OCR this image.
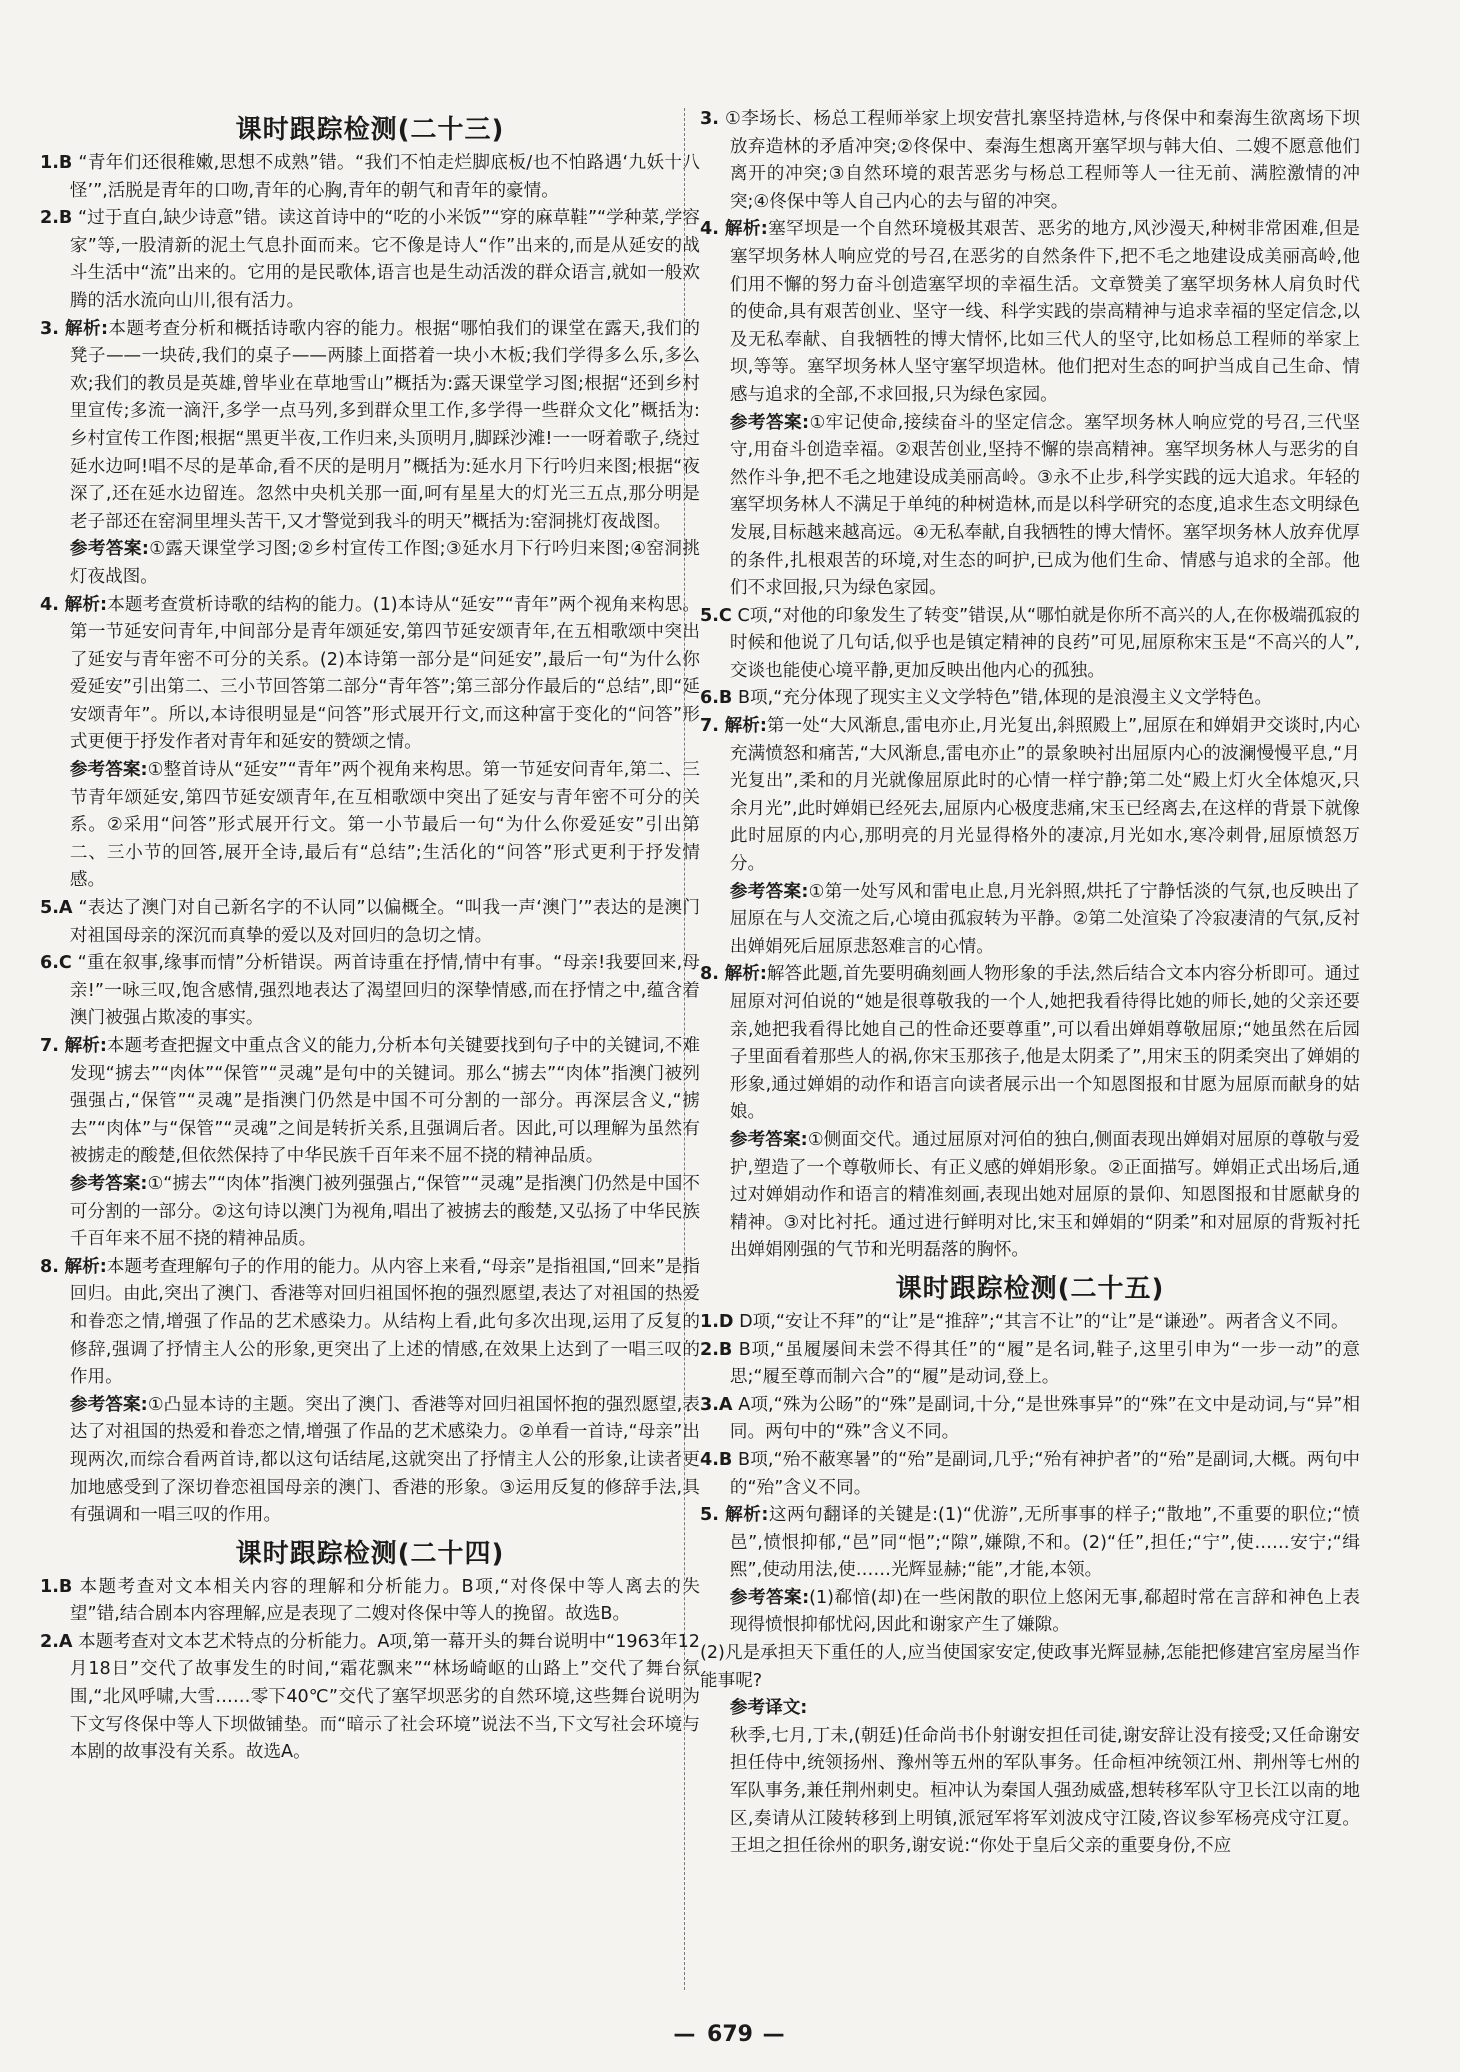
课时跟踪检测(二十三)
1.B “青年们还很稚嫩,思想不成熟”错。“我们不怕走烂脚底板/也不怕路遇‘九妖十八怪’”,活脱是青年的口吻,青年的心胸,青年的朝气和青年的豪情。
2.B “过于直白,缺少诗意”错。读这首诗中的“吃的小米饭”“穿的麻草鞋”“学种菜,学容家”等,一股清新的泥土气息扑面而来。它不像是诗人“作”出来的,而是从延安的战斗生活中“流”出来的。它用的是民歌体,语言也是生动活泼的群众语言,就如一般欢腾的活水流向山川,很有活力。
3. 解析:本题考查分析和概括诗歌内容的能力。根据“哪怕我们的课堂在露天,我们的凳子——一块砖,我们的桌子——两膝上面搭着一块小木板;我们学得多么乐,多么欢;我们的教员是英雄,曾毕业在草地雪山”概括为:露天课堂学习图;根据“还到乡村里宣传;多流一滴汗,多学一点马列,多到群众里工作,多学得一些群众文化”概括为:乡村宣传工作图;根据“黑更半夜,工作归来,头顶明月,脚踩沙滩!一一呀着歌子,绕过延水边呵!唱不尽的是革命,看不厌的是明月”概括为:延水月下行吟归来图;根据“夜深了,还在延水边留连。忽然中央机关那一面,呵有星星大的灯光三五点,那分明是老子部还在窑洞里埋头苦干,又才警觉到我斗的明天”概括为:窑洞挑灯夜战图。
参考答案:①露天课堂学习图;②乡村宣传工作图;③延水月下行吟归来图;④窑洞挑灯夜战图。
4. 解析:本题考查赏析诗歌的结构的能力。(1)本诗从“延安”“青年”两个视角来构思。第一节延安问青年,中间部分是青年颂延安,第四节延安颂青年,在五相歌颂中突出了延安与青年密不可分的关系。(2)本诗第一部分是“问延安”,最后一句“为什么你爱延安”引出第二、三小节回答第二部分“青年答”;第三部分作最后的“总结”,即“延安颂青年”。所以,本诗很明显是“问答”形式展开行文,而这种富于变化的“问答”形式更便于抒发作者对青年和延安的赞颂之情。
参考答案:①整首诗从“延安”“青年”两个视角来构思。第一节延安问青年,第二、三节青年颂延安,第四节延安颂青年,在互相歌颂中突出了延安与青年密不可分的关系。②采用“问答”形式展开行文。第一小节最后一句“为什么你爱延安”引出第二、三小节的回答,展开全诗,最后有“总结”;生活化的“问答”形式更利于抒发情感。
5.A “表达了澳门对自己新名字的不认同”以偏概全。“叫我一声‘澳门’”表达的是澳门对祖国母亲的深沉而真挚的爱以及对回归的急切之情。
6.C “重在叙事,缘事而情”分析错误。两首诗重在抒情,情中有事。“母亲!我要回来,母亲!”一咏三叹,饱含感情,强烈地表达了渴望回归的深挚情感,而在抒情之中,蕴含着澳门被强占欺凌的事实。
7. 解析:本题考查把握文中重点含义的能力,分析本句关键要找到句子中的关键词,不难发现“掳去”“肉体”“保管”“灵魂”是句中的关键词。那么“掳去”“肉体”指澳门被列强强占,“保管”“灵魂”是指澳门仍然是中国不可分割的一部分。再深层含义,“掳去”“肉体”与“保管”“灵魂”之间是转折关系,且强调后者。因此,可以理解为虽然有被掳走的酸楚,但依然保持了中华民族千百年来不屈不挠的精神品质。
参考答案:①“掳去”“肉体”指澳门被列强强占,“保管”“灵魂”是指澳门仍然是中国不可分割的一部分。②这句诗以澳门为视角,唱出了被掳去的酸楚,又弘扬了中华民族千百年来不屈不挠的精神品质。
8. 解析:本题考查理解句子的作用的能力。从内容上来看,“母亲”是指祖国,“回来”是指回归。由此,突出了澳门、香港等对回归祖国怀抱的强烈愿望,表达了对祖国的热爱和眷恋之情,增强了作品的艺术感染力。从结构上看,此句多次出现,运用了反复的修辞,强调了抒情主人公的形象,更突出了上述的情感,在效果上达到了一唱三叹的作用。
参考答案:①凸显本诗的主题。突出了澳门、香港等对回归祖国怀抱的强烈愿望,表达了对祖国的热爱和眷恋之情,增强了作品的艺术感染力。②单看一首诗,“母亲”出现两次,而综合看两首诗,都以这句话结尾,这就突出了抒情主人公的形象,让读者更加地感受到了深切眷恋祖国母亲的澳门、香港的形象。③运用反复的修辞手法,具有强调和一唱三叹的作用。
课时跟踪检测(二十四)
1.B 本题考查对文本相关内容的理解和分析能力。B项,“对佟保中等人离去的失望”错,结合剧本内容理解,应是表现了二嫂对佟保中等人的挽留。故选B。
2.A 本题考查对文本艺术特点的分析能力。A项,第一幕开头的舞台说明中“1963年12月18日”交代了故事发生的时间,“霜花飘来”“林场崎岖的山路上”交代了舞台氛围,“北风呼啸,大雪……零下40℃”交代了塞罕坝恶劣的自然环境,这些舞台说明为下文写佟保中等人下坝做铺垫。而“暗示了社会环境”说法不当,下文写社会环境与本剧的故事没有关系。故选A。
3. ①李场长、杨总工程师举家上坝安营扎寨坚持造林,与佟保中和秦海生欲离场下坝放弃造林的矛盾冲突;②佟保中、秦海生想离开塞罕坝与韩大伯、二嫂不愿意他们离开的冲突;③自然环境的艰苦恶劣与杨总工程师等人一往无前、满腔激情的冲突;④佟保中等人自己内心的去与留的冲突。
4. 解析:塞罕坝是一个自然环境极其艰苦、恶劣的地方,风沙漫天,种树非常困难,但是塞罕坝务林人响应党的号召,在恶劣的自然条件下,把不毛之地建设成美丽高岭,他们用不懈的努力奋斗创造塞罕坝的幸福生活。文章赞美了塞罕坝务林人肩负时代的使命,具有艰苦创业、坚守一线、科学实践的崇高精神与追求幸福的坚定信念,以及无私奉献、自我牺牲的博大情怀,比如三代人的坚守,比如杨总工程师的举家上坝,等等。塞罕坝务林人坚守塞罕坝造林。他们把对生态的呵护当成自己生命、情感与追求的全部,不求回报,只为绿色家园。
参考答案:①牢记使命,接续奋斗的坚定信念。塞罕坝务林人响应党的号召,三代坚守,用奋斗创造幸福。②艰苦创业,坚持不懈的崇高精神。塞罕坝务林人与恶劣的自然作斗争,把不毛之地建设成美丽高岭。③永不止步,科学实践的远大追求。年轻的塞罕坝务林人不满足于单纯的种树造林,而是以科学研究的态度,追求生态文明绿色发展,目标越来越高远。④无私奉献,自我牺牲的博大情怀。塞罕坝务林人放弃优厚的条件,扎根艰苦的环境,对生态的呵护,已成为他们生命、情感与追求的全部。他们不求回报,只为绿色家园。
5.C C项,“对他的印象发生了转变”错误,从“哪怕就是你所不高兴的人,在你极端孤寂的时候和他说了几句话,似乎也是镇定精神的良药”可见,屈原称宋玉是“不高兴的人”,交谈也能使心境平静,更加反映出他内心的孤独。
6.B B项,“充分体现了现实主义文学特色”错,体现的是浪漫主义文学特色。
7. 解析:第一处“大风渐息,雷电亦止,月光复出,斜照殿上”,屈原在和婵娟尹交谈时,内心充满愤怒和痛苦,“大风渐息,雷电亦止”的景象映衬出屈原内心的波澜慢慢平息,“月光复出”,柔和的月光就像屈原此时的心情一样宁静;第二处“殿上灯火全体熄灭,只余月光”,此时婵娟已经死去,屈原内心极度悲痛,宋玉已经离去,在这样的背景下就像此时屈原的内心,那明亮的月光显得格外的凄凉,月光如水,寒冷刺骨,屈原愤怒万分。
参考答案:①第一处写风和雷电止息,月光斜照,烘托了宁静恬淡的气氛,也反映出了屈原在与人交流之后,心境由孤寂转为平静。②第二处渲染了冷寂凄清的气氛,反衬出婵娟死后屈原悲怒难言的心情。
8. 解析:解答此题,首先要明确刻画人物形象的手法,然后结合文本内容分析即可。通过屈原对河伯说的“她是很尊敬我的一个人,她把我看待得比她的师长,她的父亲还要亲,她把我看得比她自己的性命还要尊重”,可以看出婵娟尊敬屈原;“她虽然在后园子里面看着那些人的祸,你宋玉那孩子,他是太阴柔了”,用宋玉的阴柔突出了婵娟的形象,通过婵娟的动作和语言向读者展示出一个知恩图报和甘愿为屈原而献身的姑娘。
参考答案:①侧面交代。通过屈原对河伯的独白,侧面表现出婵娟对屈原的尊敬与爱护,塑造了一个尊敬师长、有正义感的婵娟形象。②正面描写。婵娟正式出场后,通过对婵娟动作和语言的精准刻画,表现出她对屈原的景仰、知恩图报和甘愿献身的精神。③对比衬托。通过进行鲜明对比,宋玉和婵娟的“阴柔”和对屈原的背叛衬托出婵娟刚强的气节和光明磊落的胸怀。
课时跟踪检测(二十五)
1.D D项,“安让不拜”的“让”是“推辞”;“其言不让”的“让”是“谦逊”。两者含义不同。
2.B B项,“虽履屡间未尝不得其任”的“履”是名词,鞋子,这里引申为“一步一动”的意思;“履至尊而制六合”的“履”是动词,登上。
3.A A项,“殊为公旸”的“殊”是副词,十分,“是世殊事异”的“殊”在文中是动词,与“异”相同。两句中的“殊”含义不同。
4.B B项,“殆不蔽寒暑”的“殆”是副词,几乎;“殆有神护者”的“殆”是副词,大概。两句中的“殆”含义不同。
5. 解析:这两句翻译的关键是:(1)“优游”,无所事事的样子;“散地”,不重要的职位;“愤邑”,愤恨抑郁,“邑”同“悒”;“隙”,嫌隙,不和。(2)“任”,担任;“宁”,使……安宁;“缉熙”,使动用法,使……光辉显赫;“能”,才能,本领。
参考答案:(1)郗愔(却)在一些闲散的职位上悠闲无事,郗超时常在言辞和神色上表现得愤恨抑郁忧闷,因此和谢家产生了嫌隙。
(2)凡是承担天下重任的人,应当使国家安定,使政事光辉显赫,怎能把修建宫室房屋当作能事呢?
参考译文:
秋季,七月,丁未,(朝廷)任命尚书仆射谢安担任司徒,谢安辞让没有接受;又任命谢安担任侍中,统领扬州、豫州等五州的军队事务。任命桓冲统领江州、荆州等七州的军队事务,兼任荆州刺史。桓冲认为秦国人强劲威盛,想转移军队守卫长江以南的地区,奏请从江陵转移到上明镇,派冠军将军刘波戍守江陵,咨议参军杨亮戍守江夏。王坦之担任徐州的职务,谢安说:“你处于皇后父亲的重要身份,不应
— 679 —
